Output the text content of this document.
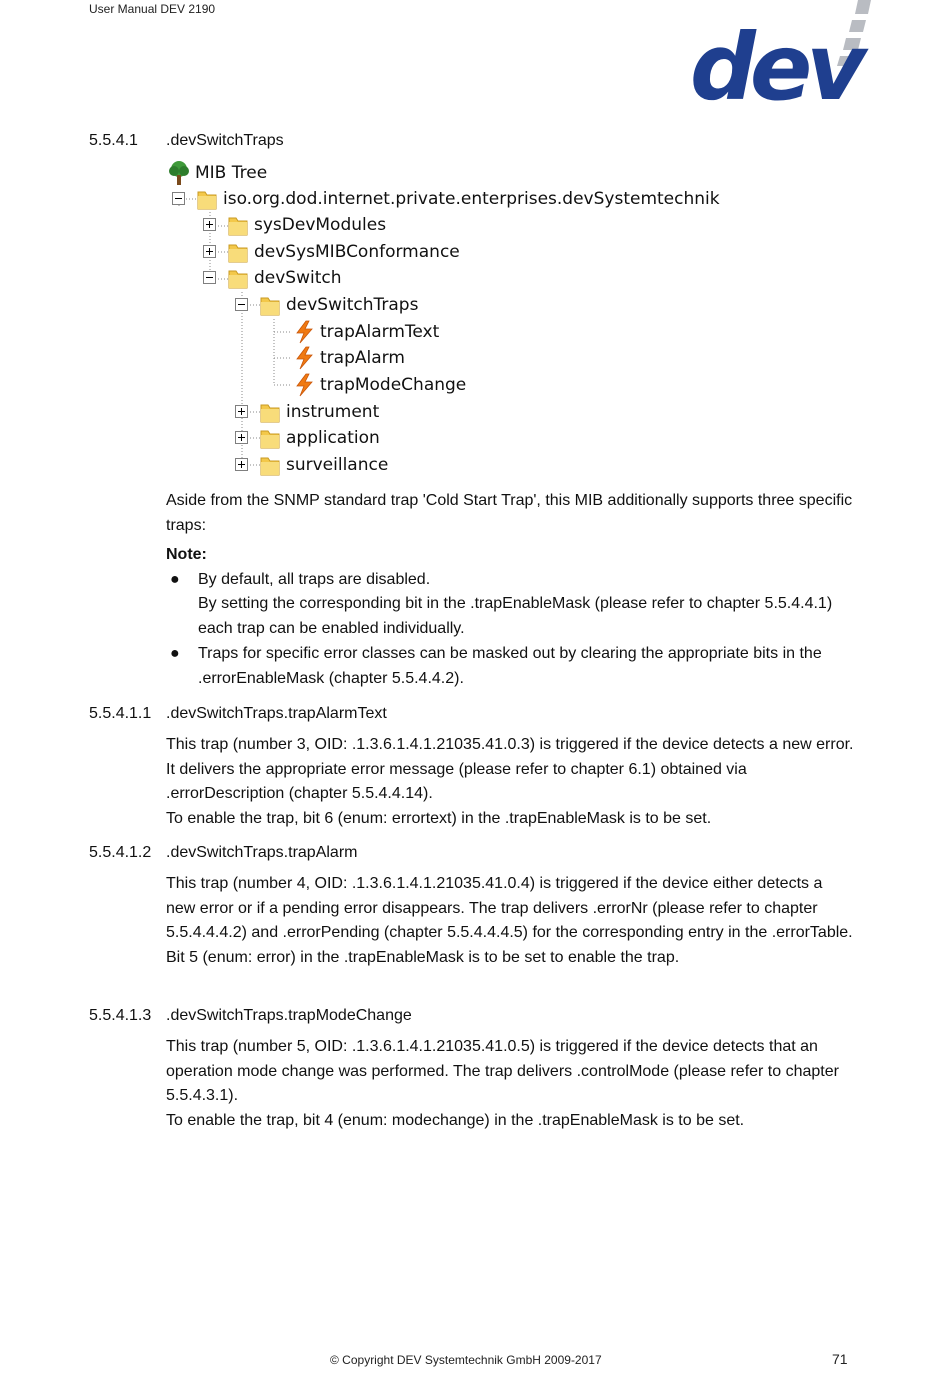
User Manual DEV 2190
dev
5.5.4.1 .devSwitchTraps
MIB Tree
iso.org.dod.internet.private.enterprises.devSystemtechnik
sysDevModules
devSysMIBConformance
devSwitch
devSwitchTraps
trapAlarmText
trapAlarm
trapModeChange
instrument
application
surveillance

Aside from the SNMP standard trap 'Cold Start Trap', this MIB additionally supports three specific traps:

Note:

● By default, all traps are disabled.

By setting the corresponding bit in the .trapEnableMask (please refer to chapter 5.5.4.4.1) each trap can be enabled individually.

● Traps for specific error classes can be masked out by clearing the appropriate bits in the .errorEnableMask (chapter 5.5.4.4.2).

5.5.4.1.1 .devSwitchTraps.trapAlarmText

This trap (number 3, OID: .1.3.6.1.4.1.21035.41.0.3) is triggered if the device detects a new error. It delivers the appropriate error message (please refer to chapter 6.1) obtained via .errorDescription (chapter 5.5.4.4.14).

To enable the trap, bit 6 (enum: errortext) in the .trapEnableMask is to be set.

5.5.4.1.2 .devSwitchTraps.trapAlarm

This trap (number 4, OID: .1.3.6.1.4.1.21035.41.0.4) is triggered if the device either detects a new error or if a pending error disappears. The trap delivers .errorNr (please refer to chapter 5.5.4.4.4.2) and .errorPending (chapter 5.5.4.4.4.5) for the corresponding entry in the .errorTable.

Bit 5 (enum: error) in the .trapEnableMask is to be set to enable the trap.

5.5.4.1.3 .devSwitchTraps.trapModeChange

This trap (number 5, OID: .1.3.6.1.4.1.21035.41.0.5) is triggered if the device detects that an operation mode change was performed. The trap delivers .controlMode (please refer to chapter 5.5.4.3.1).

To enable the trap, bit 4 (enum: modechange) in the .trapEnableMask is to be set.

© Copyright DEV Systemtechnik GmbH 2009-2017	71
